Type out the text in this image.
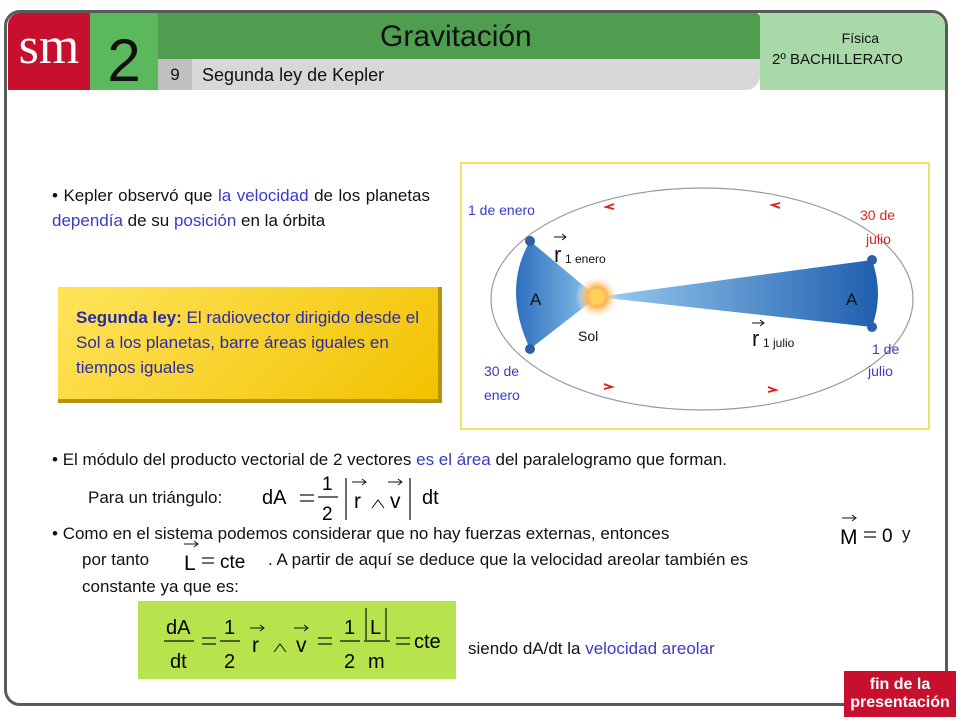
sm 2	Gravitación
9	Segunda ley de Kepler
Física
2º BACHILLERATO
• Kepler observó que la velocidad de los planetas dependía de su posición en la órbita
Segunda ley: El radiovector dirigido desde el Sol a los planetas, barre áreas iguales en tiempos iguales
1 de enero
30 de
enero
30 de
julio
1 de
julio
A	A
Sol
r 1 enero
r 1 julio
• El módulo del producto vectorial de 2 vectores es el área del paralelogramo que forman.
Para un triángulo: dA
1
2
r v dt
• Como en el sistema podemos considerar que no hay fuerzas externas, entonces	M 0 y
por tanto L cte . A partir de aquí se deduce que la velocidad areolar también es
constante ya que es:
dA
dt
1
2
r v
1
2
L
m
cte siendo dA/dt la velocidad areolar
fin de la
presentación
